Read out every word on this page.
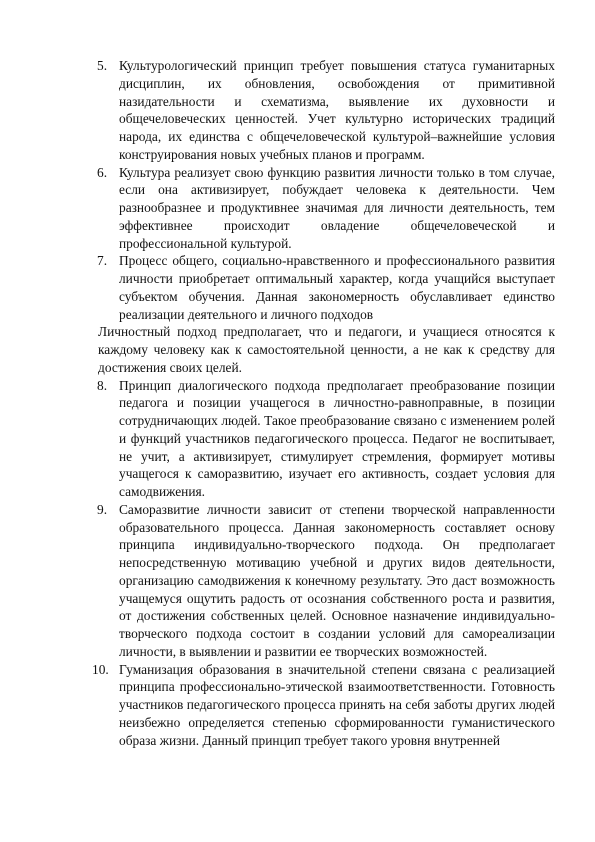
5. Культурологический принцип требует повышения статуса гуманитарных дисциплин, их обновления, освобождения от примитивной назидательности и схематизма, выявление их духовности и общечеловеческих ценностей. Учет культурно исторических традиций народа, их единства с общечеловеческой культурой–важнейшие условия конструирования новых учебных планов и программ.
6. Культура реализует свою функцию развития личности только в том случае, если она активизирует, побуждает человека к деятельности. Чем разнообразнее и продуктивнее значимая для личности деятельность, тем эффективнее происходит овладение общечеловеческой и профессиональной культурой.
7. Процесс общего, социально-нравственного и профессионального развития личности приобретает оптимальный характер, когда учащийся выступает субъектом обучения. Данная закономерность обуславливает единство реализации деятельного и личного подходов

Личностный подход предполагает, что и педагоги, и учащиеся относятся к каждому человеку как к самостоятельной ценности, а не как к средству для достижения своих целей.

8. Принцип диалогического подхода предполагает преобразование позиции педагога и позиции учащегося в личностно-равноправные, в позиции сотрудничающих людей. Такое преобразование связано с изменением ролей и функций участников педагогического процесса. Педагог не воспитывает, не учит, а активизирует, стимулирует стремления, формирует мотивы учащегося к саморазвитию, изучает его активность, создает условия для самодвижения.
9. Саморазвитие личности зависит от степени творческой направленности образовательного процесса. Данная закономерность составляет основу принципа индивидуально-творческого подхода. Он предполагает непосредственную мотивацию учебной и других видов деятельности, организацию самодвижения к конечному результату. Это даст возможность учащемуся ощутить радость от осознания собственного роста и развития, от достижения собственных целей. Основное назначение индивидуально-творческого подхода состоит в создании условий для самореализации личности, в выявлении и развитии ее творческих возможностей.
10. Гуманизация образования в значительной степени связана с реализацией принципа профессионально-этической взаимоответственности. Готовность участников педагогического процесса принять на себя заботы других людей неизбежно определяется степенью сформированности гуманистического образа жизни. Данный принцип требует такого уровня внутренней
